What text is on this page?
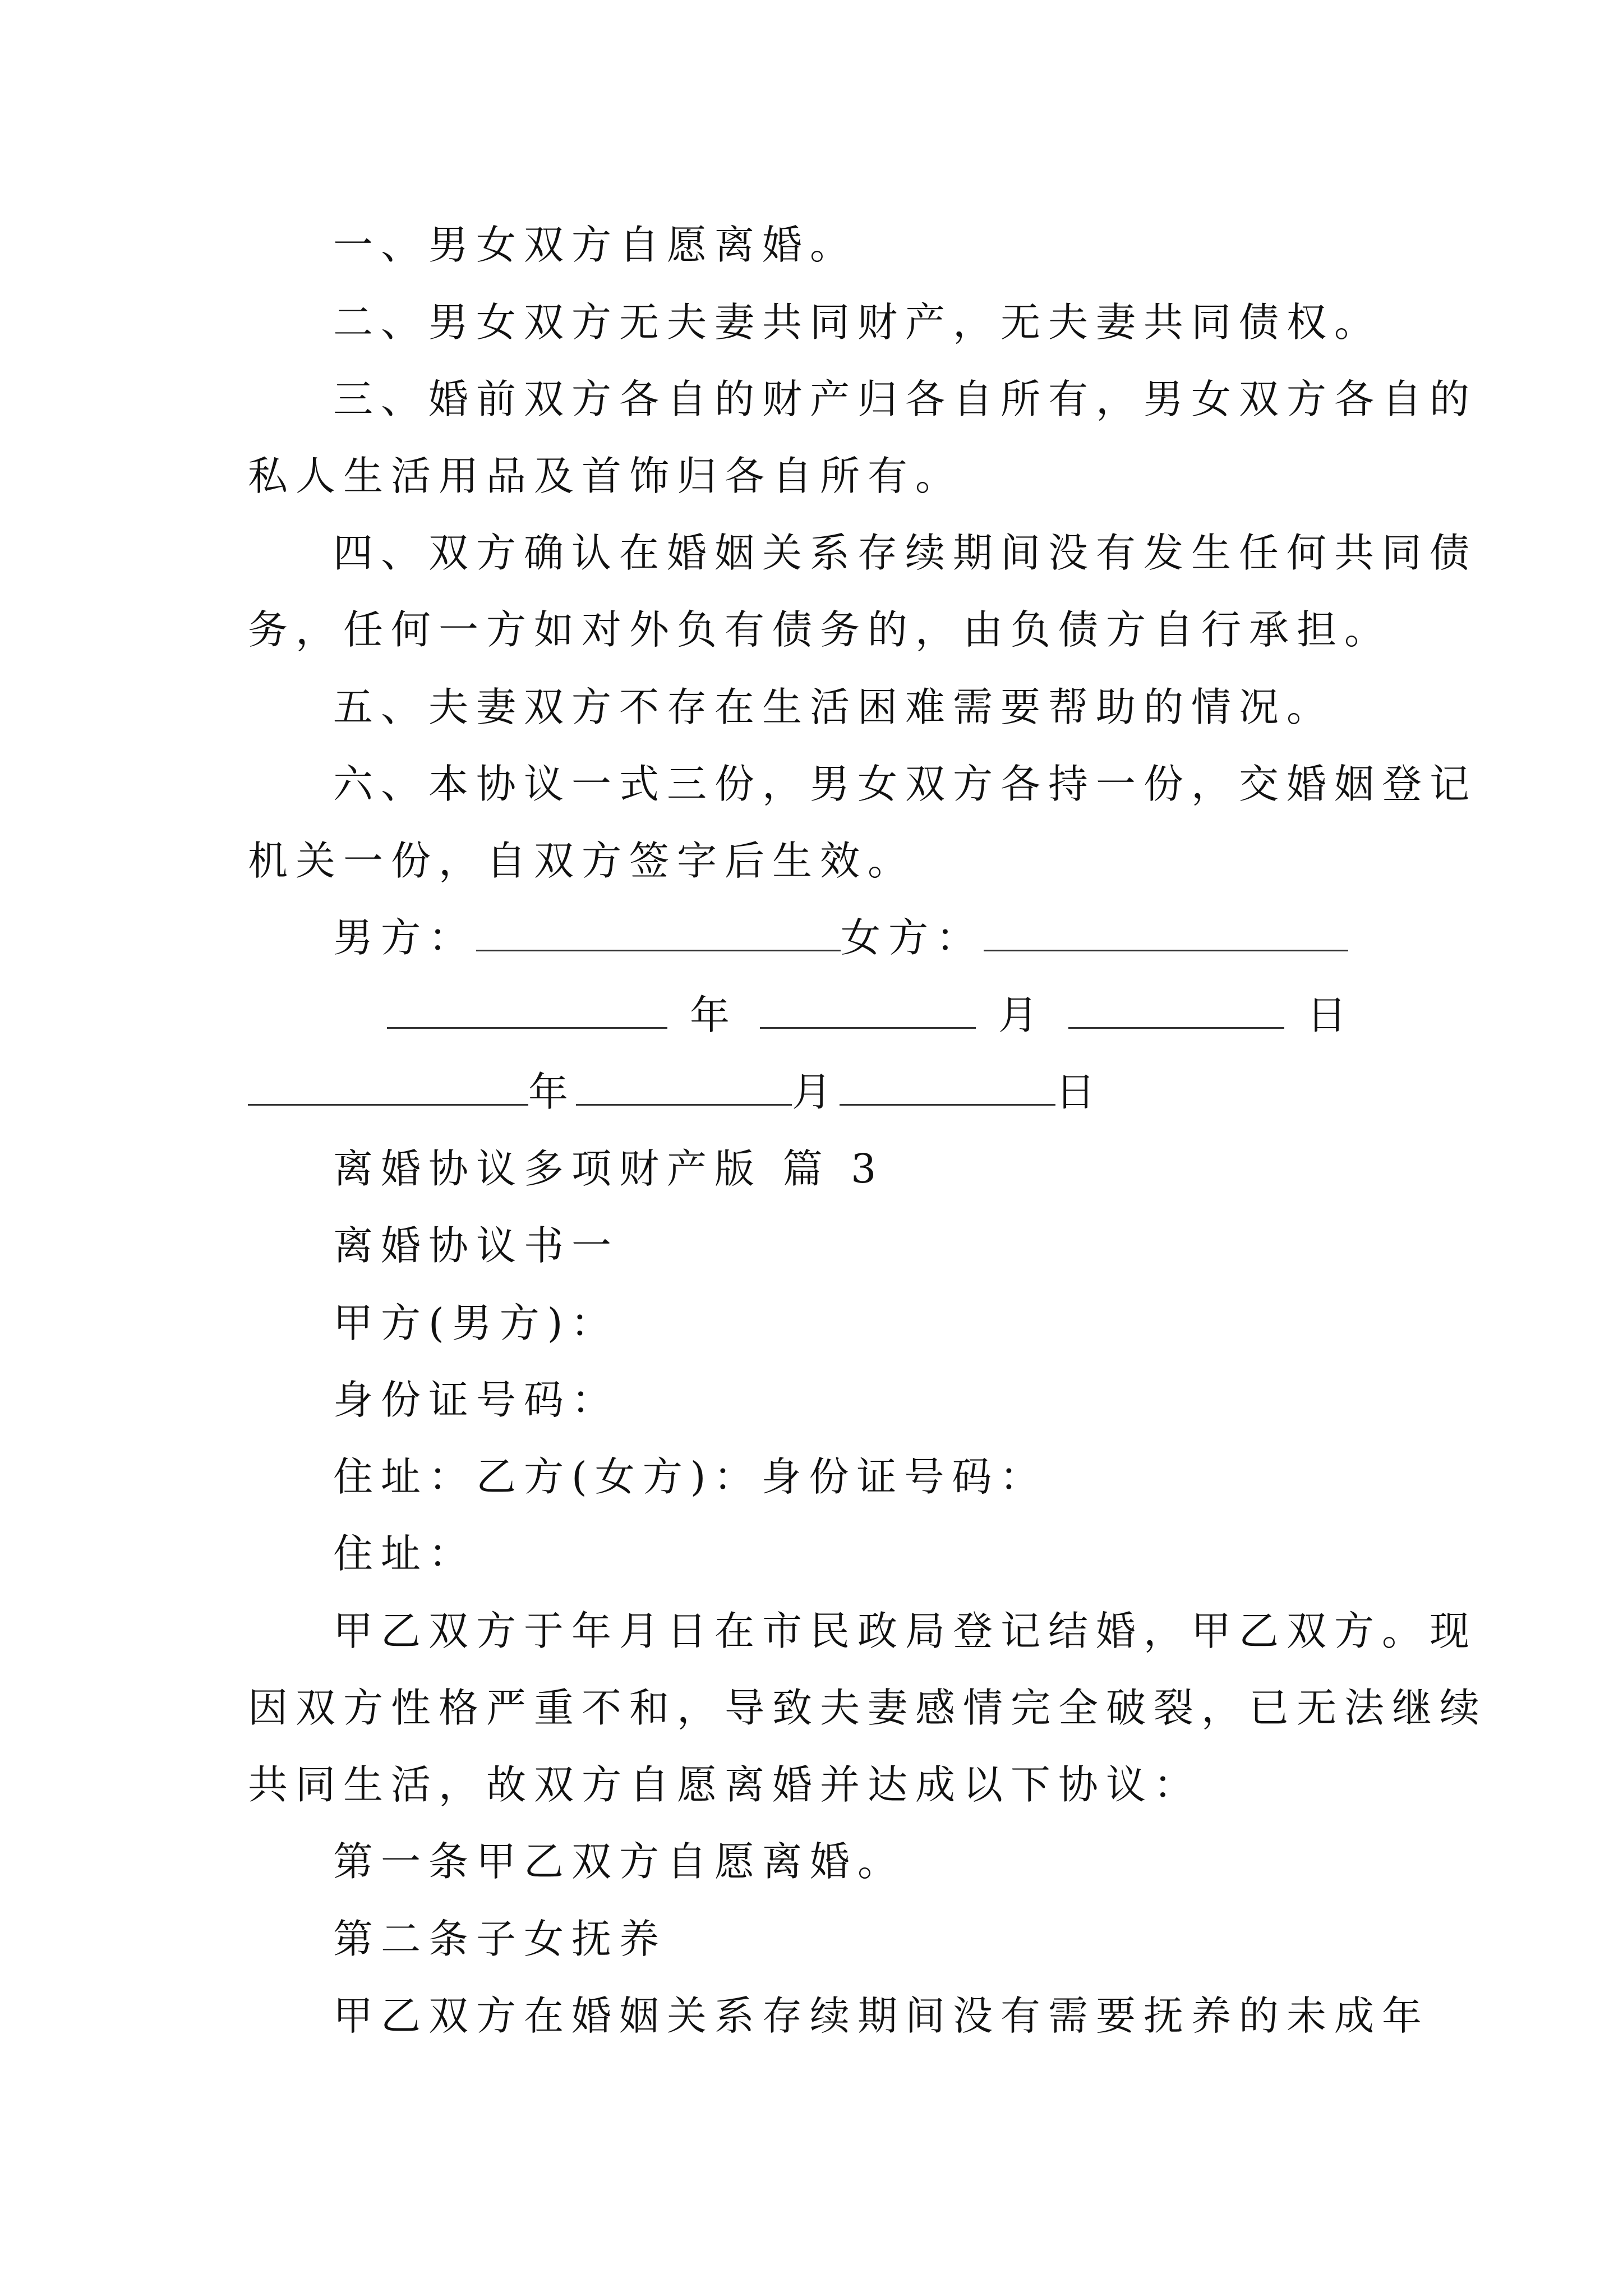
一、男女双方自愿离婚。
二、男女双方无夫妻共同财产，无夫妻共同债权。
三、婚前双方各自的财产归各自所有，男女双方各自的
私人生活用品及首饰归各自所有。
四、双方确认在婚姻关系存续期间没有发生任何共同债
务，任何一方如对外负有债务的，由负债方自行承担。
五、夫妻双方不存在生活困难需要帮助的情况。
六、本协议一式三份，男女双方各持一份，交婚姻登记
机关一份，自双方签字后生效。
男方：	女方：
年	月	日
年	月	日
离婚协议多项财产版 篇 3
离婚协议书一
甲方(男方)：
身份证号码：
住址：乙方(女方)：身份证号码：
住址：
甲乙双方于年月日在市民政局登记结婚，甲乙双方。现
因双方性格严重不和，导致夫妻感情完全破裂，已无法继续
共同生活，故双方自愿离婚并达成以下协议：
第一条甲乙双方自愿离婚。
第二条子女抚养
甲乙双方在婚姻关系存续期间没有需要抚养的未成年
